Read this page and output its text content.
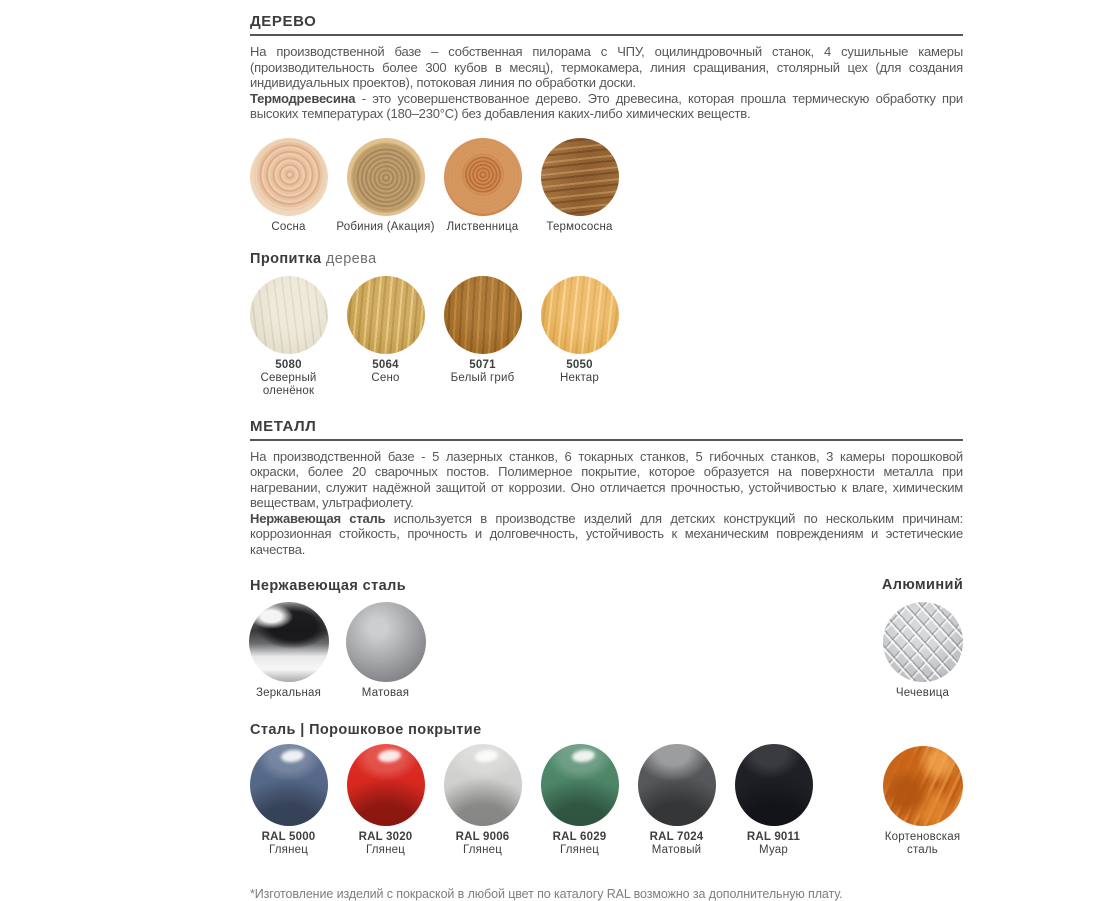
ДЕРЕВО

На производственной базе – собственная пилорама с ЧПУ, оцилиндровочный станок, 4 сушильные камеры (производительность более 300 кубов в месяц), термокамера, линия сращивания, столярный цех (для создания индивидуальных проектов), потоковая линия по обработки доски.

Термодревесина - это усовершенствованное дерево. Это древесина, которая прошла термическую обработку при высоких температурах (180–230°C) без добавления каких-либо химических веществ.

Сосна	Робиния (Акация) Лиственница Термососна
Пропитка дерева
5080
Северный
оленёнок
5064
Сено
5071
Белый гриб
5050
Нектар
МЕТАЛЛ

На производственной базе - 5 лазерных станков, 6 токарных станков, 5 гибочных станков, 3 камеры порошковой окраски, более 20 сварочных постов. Полимерное покрытие, которое образуется на поверхности металла при нагревании, служит надёжной защитой от коррозии. Оно отличается прочностью, устойчивостью к влаге, химическим веществам, ультрафиолету.

Нержавеющая сталь используется в производстве изделий для детских конструкций по нескольким причинам: коррозионная стойкость, прочность и долговечность, устойчивость к механическим повреждениям и эстетические качества.

Нержавеющая сталь	Алюминий
Зеркальная	Матовая	Чечевица
Сталь | Порошковое покрытие
RAL 5000
Глянец
RAL 3020
Глянец
RAL 9006
Глянец
RAL 6029
Глянец
RAL 7024
Матовый
RAL 9011
Муар
Кортеновская
сталь
*Изготовление изделий с покраской в любой цвет по каталогу RAL возможно за дополнительную плату.
